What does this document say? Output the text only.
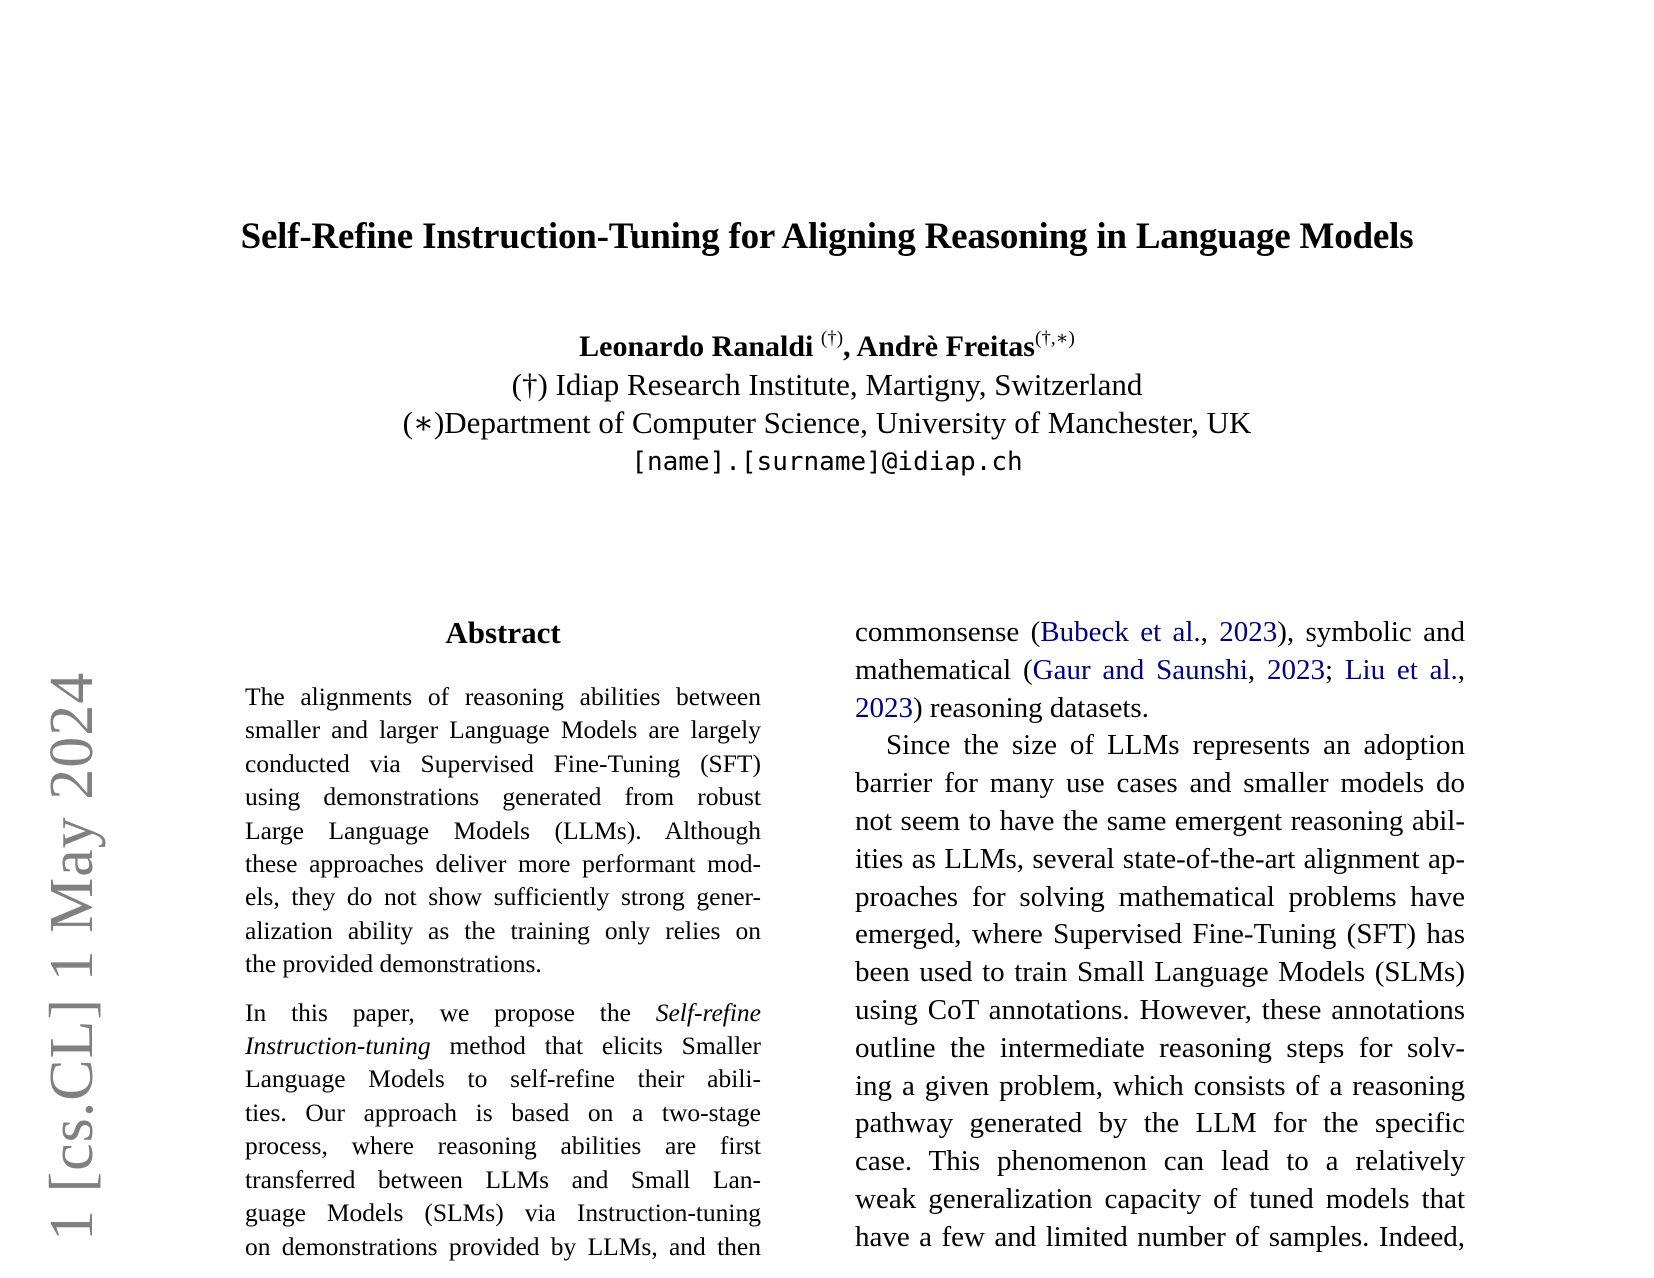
1 [cs.CL] 1 May 2024
Self-Refine Instruction-Tuning for Aligning Reasoning in Language Models
Leonardo Ranaldi (†), Andrè Freitas(†,∗)
(†) Idiap Research Institute, Martigny, Switzerland
(∗)Department of Computer Science, University of Manchester, UK
[name].[surname]@idiap.ch
Abstract
The alignments of reasoning abilities between
smaller and larger Language Models are largely
conducted via Supervised Fine-Tuning (SFT)
using demonstrations generated from robust
Large Language Models (LLMs). Although
these approaches deliver more performant mod-
els, they do not show sufficiently strong gener-
alization ability as the training only relies on
the provided demonstrations.
In this paper, we propose the Self-refine
Instruction-tuning method that elicits Smaller
Language Models to self-refine their abili-
ties. Our approach is based on a two-stage
process, where reasoning abilities are first
transferred between LLMs and Small Lan-
guage Models (SLMs) via Instruction-tuning
on demonstrations provided by LLMs, and then
commonsense (Bubeck et al., 2023), symbolic and
mathematical (Gaur and Saunshi, 2023; Liu et al.,
2023) reasoning datasets.
Since the size of LLMs represents an adoption
barrier for many use cases and smaller models do
not seem to have the same emergent reasoning abil-
ities as LLMs, several state-of-the-art alignment ap-
proaches for solving mathematical problems have
emerged, where Supervised Fine-Tuning (SFT) has
been used to train Small Language Models (SLMs)
using CoT annotations. However, these annotations
outline the intermediate reasoning steps for solv-
ing a given problem, which consists of a reasoning
pathway generated by the LLM for the specific
case. This phenomenon can lead to a relatively
weak generalization capacity of tuned models that
have a few and limited number of samples. Indeed,
